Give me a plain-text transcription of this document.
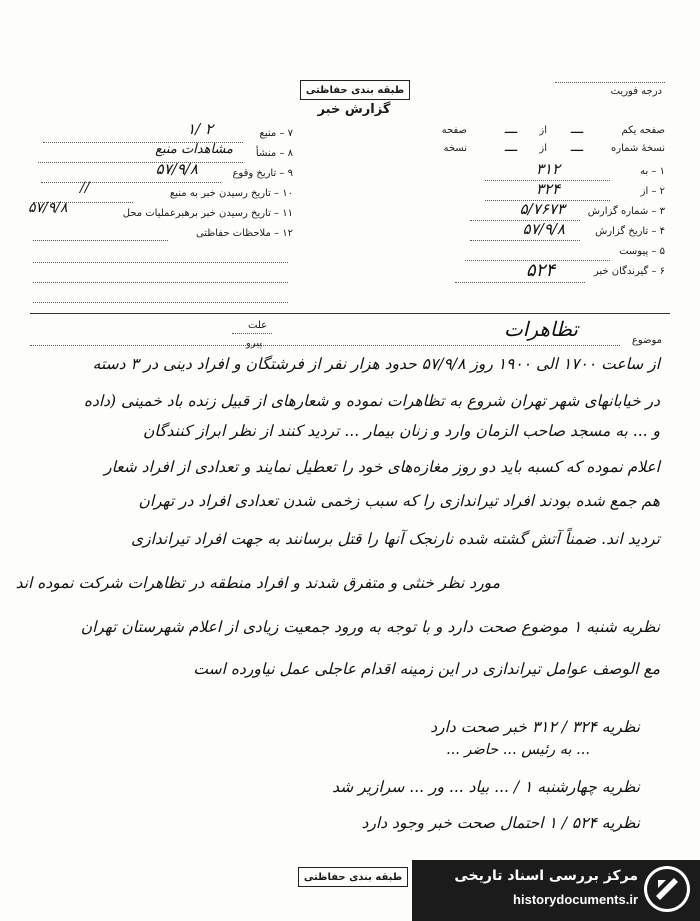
طبقه بندی حفاظتی
گزارش خبر
درجه فوریت
صفحه یکم
ـــ
از
ـــ
صفحه
نسخهٔ شماره
ـــ
از
ـــ
نسخه
۱ – به
۳۱۲
۲ – از
۳۲۴
۳ – شماره گزارش
۵/۷۶۷۳
۴ – تاریخ گزارش
۵۷/۹/۸
۵ – پیوست
۶ – گیرندگان خبر
۵۲۴
۷ – منبع
۱/ ۲
۸ – منشأ
مشاهدات منبع
۹ – تاریخ وقوع
۵۷/۹/۸
۱۰ – تاریخ رسیدن خبر به منبع
//
۱۱ – تاریخ رسیدن خبر برهبرعملیات محل
۵۷/۹/۸
۱۲ – ملاحظات حفاظتی
علت
پیرو	موضوع
تظاهرات
از ساعت ۱۷۰۰ الی ۱۹۰۰ روز ۵۷/۹/۸ حدود هزار نفر از فرشتگان و افراد دینی در ۳ دسته
در خیابانهای شهر تهران شروع به تظاهرات نموده و شعارهای از قبیل زنده باد خمینی (داده
و ... به مسجد صاحب الزمان وارد و زنان بیمار ... تردید کنند از نظر ابراز کنندگان
اعلام نموده که کسبه باید دو روز مغازه‌های خود را تعطیل نمایند و تعدادی از افراد شعار
هم جمع شده بودند افراد تیراندازی را که سبب زخمی شدن تعدادی افراد در تهران
تردید اند. ضمناً آتش گشته شده نارنجک آنها را قتل برسانند به جهت افراد تیراندازی
مورد نظر خنثی و متفرق شدند و افراد منطقه در تظاهرات شرکت نموده اند
نظریه شنبه ۱ موضوع صحت دارد و با توجه به ورود جمعیت زیادی از اعلام شهرستان تهران
مع الوصف عوامل تیراندازی در این زمینه اقدام عاجلی عمل نیاورده است
نظریه ۳۲۴ / ۳۱۲ خبر صحت دارد
... به رئیس ... حاضر ...
نظریه چهارشنبه ۱ / ... بیاد ... ور ... سرازیر شد
نظریه ۵۲۴ / ۱ احتمال صحت خبر وجود دارد
طبقه بندی حفاظتی	مرکز بررسی اسناد تاریخی
historydocuments.ir
